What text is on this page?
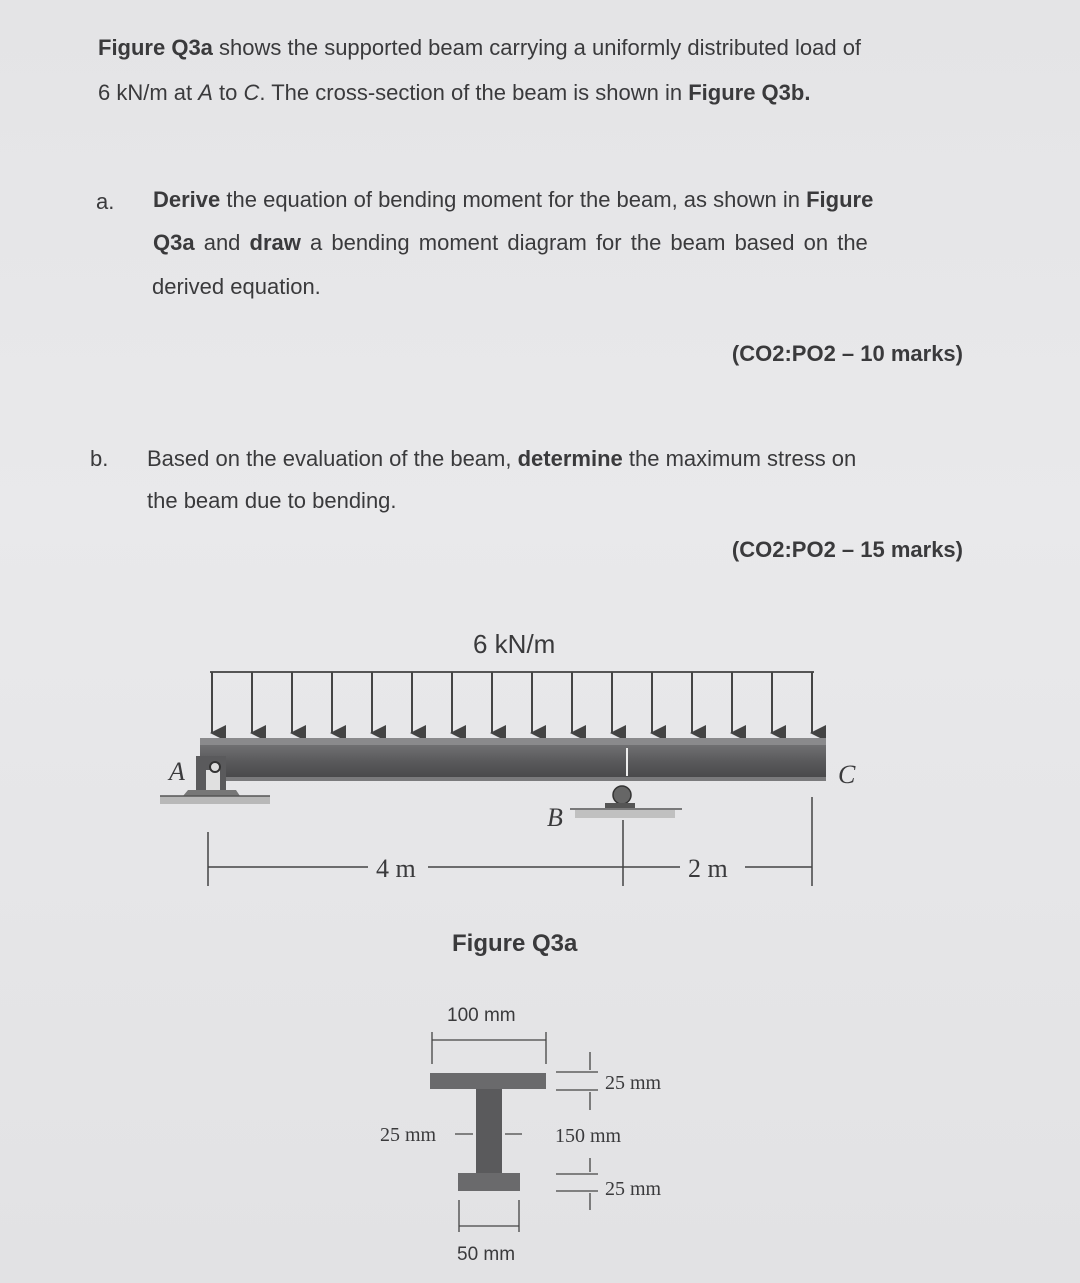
Figure Q3a shows the supported beam carrying a uniformly distributed load of
6 kN/m at A to C. The cross-section of the beam is shown in Figure Q3b.
a. Derive the equation of bending moment for the beam, as shown in Figure
Q3a and draw a bending moment diagram for the beam based on the
derived equation.
(CO2:PO2 – 10 marks)
b. Based on the evaluation of the beam, determine the maximum stress on
the beam due to bending.
(CO2:PO2 – 15 marks)
6 kN/m
A
B
C
4 m	2 m
Figure Q3a
100 mm
25 mm
150 mm
25 mm
25 mm
50 mm
